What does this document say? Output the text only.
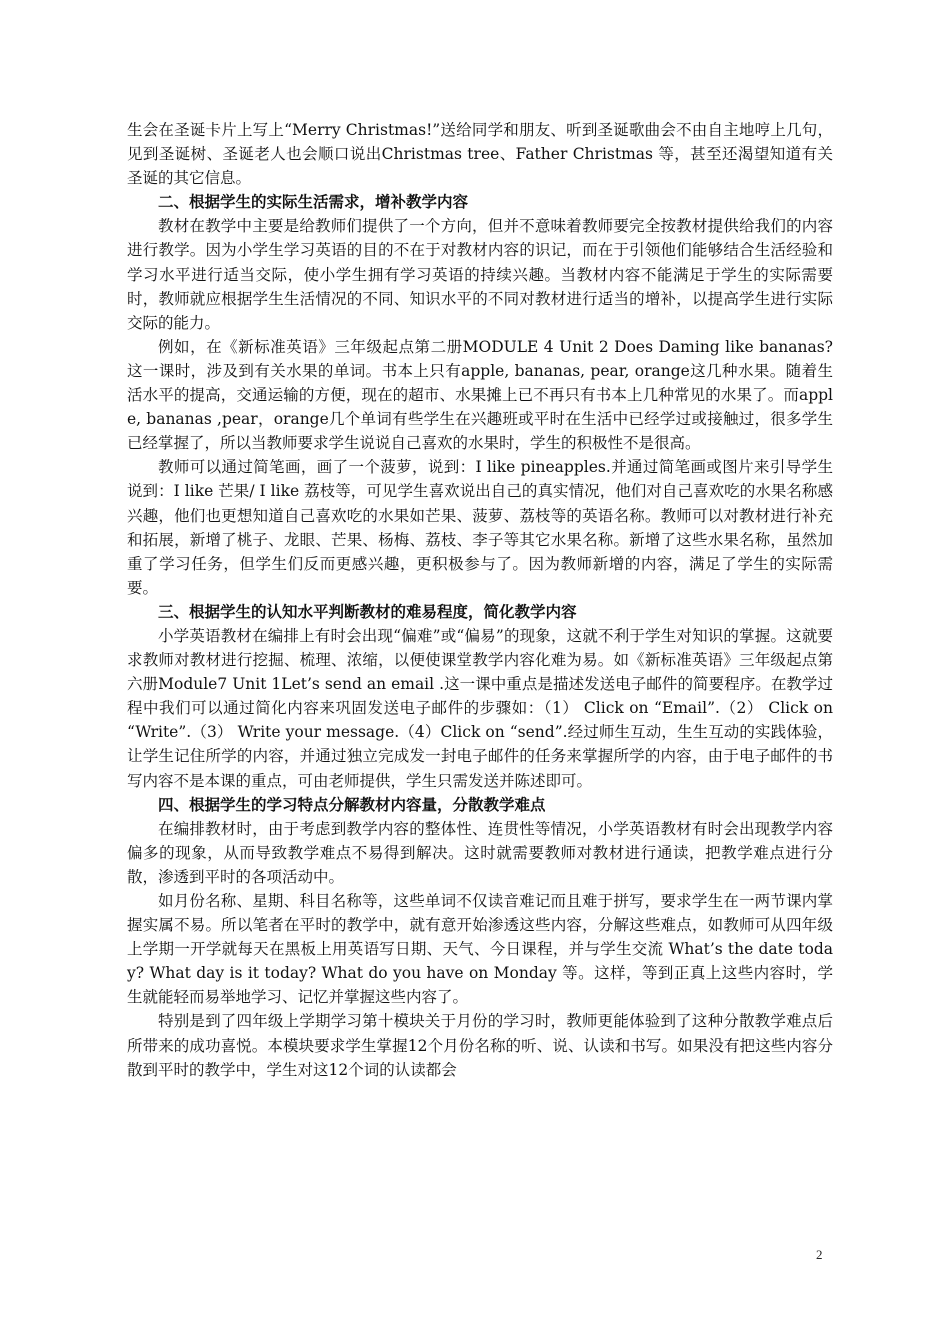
生会在圣诞卡片上写上“Merry Christmas!”送给同学和朋友、听到圣诞歌曲会不由自主地哼上几句，见到圣诞树、圣诞老人也会顺口说出Christmas tree、Father Christmas 等，甚至还渴望知道有关圣诞的其它信息。

二、根据学生的实际生活需求，增补教学内容

教材在教学中主要是给教师们提供了一个方向，但并不意味着教师要完全按教材提供给我们的内容进行教学。因为小学生学习英语的目的不在于对教材内容的识记，而在于引领他们能够结合生活经验和学习水平进行适当交际，使小学生拥有学习英语的持续兴趣。当教材内容不能满足于学生的实际需要时，教师就应根据学生生活情况的不同、知识水平的不同对教材进行适当的增补，以提高学生进行实际交际的能力。

例如，在《新标准英语》三年级起点第二册MODULE 4 Unit 2 Does Daming like bananas?这一课时，涉及到有关水果的单词。书本上只有apple, bananas, pear, orange这几种水果。随着生活水平的提高，交通运输的方便，现在的超市、水果摊上已不再只有书本上几种常见的水果了。而apple, bananas ,pear，orange几个单词有些学生在兴趣班或平时在生活中已经学过或接触过，很多学生已经掌握了，所以当教师要求学生说说自己喜欢的水果时，学生的积极性不是很高。

教师可以通过简笔画，画了一个菠萝，说到：I like pineapples.并通过简笔画或图片来引导学生说到：I like 芒果/ I like 荔枝等，可见学生喜欢说出自己的真实情况，他们对自己喜欢吃的水果名称感兴趣，他们也更想知道自己喜欢吃的水果如芒果、菠萝、荔枝等的英语名称。教师可以对教材进行补充和拓展，新增了桃子、龙眼、芒果、杨梅、荔枝、李子等其它水果名称。新增了这些水果名称，虽然加重了学习任务，但学生们反而更感兴趣，更积极参与了。因为教师新增的内容，满足了学生的实际需要。

三、根据学生的认知水平判断教材的难易程度，简化教学内容

小学英语教材在编排上有时会出现“偏难”或“偏易”的现象，这就不利于学生对知识的掌握。这就要求教师对教材进行挖掘、梳理、浓缩，以便使课堂教学内容化难为易。如《新标准英语》三年级起点第六册Module7 Unit 1Let’s send an email .这一课中重点是描述发送电子邮件的简要程序。在教学过程中我们可以通过简化内容来巩固发送电子邮件的步骤如：（1） Click on “Email”.（2） Click on “Write”.（3） Write your message.（4）Click on “send”.经过师生互动，生生互动的实践体验，让学生记住所学的内容，并通过独立完成发一封电子邮件的任务来掌握所学的内容，由于电子邮件的书写内容不是本课的重点，可由老师提供，学生只需发送并陈述即可。

四、根据学生的学习特点分解教材内容量，分散教学难点

在编排教材时，由于考虑到教学内容的整体性、连贯性等情况，小学英语教材有时会出现教学内容偏多的现象，从而导致教学难点不易得到解决。这时就需要教师对教材进行通读，把教学难点进行分散，渗透到平时的各项活动中。

如月份名称、星期、科目名称等，这些单词不仅读音难记而且难于拼写，要求学生在一两节课内掌握实属不易。所以笔者在平时的教学中，就有意开始渗透这些内容，分解这些难点，如教师可从四年级上学期一开学就每天在黑板上用英语写日期、天气、今日课程，并与学生交流 What’s the date today? What day is it today? What do you have on Monday 等。这样，等到正真上这些内容时，学生就能轻而易举地学习、记忆并掌握这些内容了。

特别是到了四年级上学期学习第十模块关于月份的学习时，教师更能体验到了这种分散教学难点后所带来的成功喜悦。本模块要求学生掌握12个月份名称的听、说、认读和书写。如果没有把这些内容分散到平时的教学中，学生对这12个词的认读都会

2
